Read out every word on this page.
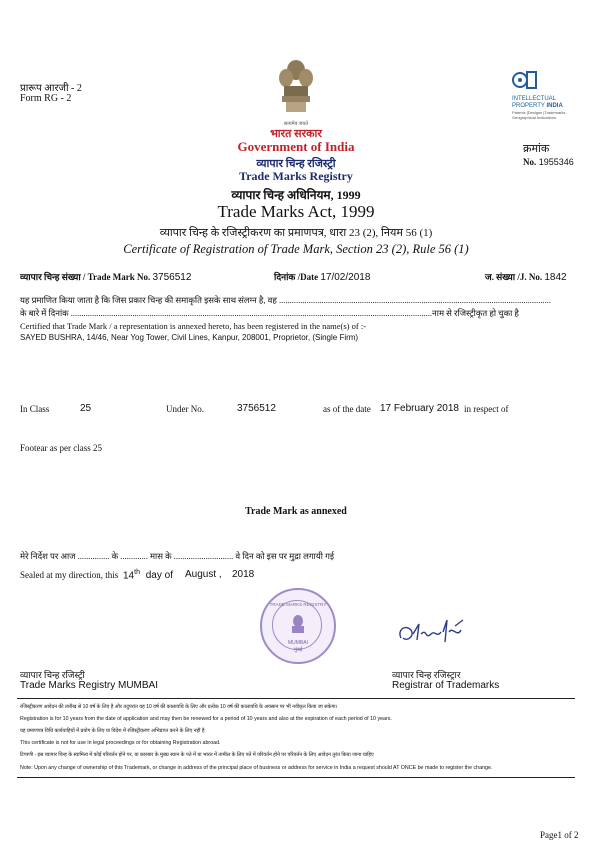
प्रारूप आरजी - 2
Form RG - 2
सत्यमेव जयते
INTELLECTUAL
PROPERTY INDIA
Patents |Designs |Trademarks
Geographical Indications
भारत सरकार
Government of India
व्यापार चिन्ह रजिस्ट्री
Trade Marks Registry
व्यापार चिन्ह अधिनियम, 1999
Trade Marks Act, 1999
व्यापार चिन्ह के रजिस्ट्रीकरण का प्रमाणपत्र, धारा 23 (2), नियम 56 (1)
Certificate of Registration of Trade Mark, Section 23 (2), Rule 56 (1)
क्रमांक
No. 1955346
व्यापार चिन्ह संख्या / Trade Mark No. 3756512	दिनांक /Date 17/02/2018	ज. संख्या /J. No. 1842
यह प्रमाणित किया जाता है कि जिस प्रकार चिन्ह की समाकृति इसके साथ संलग्न है, वह ................................................................................................................................
के बारे में दिनांक ..........................................................................................................................................................................नाम से रजिस्ट्रीकृत हो चुका है
Certified that Trade Mark / a representation is annexed hereto, has been registered in the name(s) of :-
SAYED BUSHRA, 14/46, Near Yog Tower, Civil Lines, Kanpur, 208001, Proprietor, (Single Firm)
In Class	25	Under No.	3756512	as of the date 17 February 2018 in respect of
Footear as per class 25
Trade Mark as annexed
मेरे निर्देश पर आज ............... के ............. मास के ............................ वे दिन को इस पर मुद्रा लगायी गई
Sealed at my direction, this 14th day of August , 2018
TRADE MARKS REGISTRY
MUMBAI
मुंबई
व्यापार चिन्ह रजिस्ट्री
Trade Marks Registry MUMBAI
व्यापार चिन्ह रजिस्ट्रार
Registrar of Trademarks
रजिस्ट्रीकरण आवेदन की तारीख से 10 वर्ष के लिए है और तदुपरांत यह 10 वर्ष की कालावधि के लिए और प्रत्येक 10 वर्ष की कालावधि के अवसान पर भी नवीकृत किया जा सकेगा।
Registration is for 10 years from the date of application and may then be renewed for a period of 10 years and also at the expiration of each period of 10 years.
यह प्रमाणपत्र विधि कार्यवाहियों में प्रयोग के लिए या विदेश में रजिस्ट्रीकरण अभिप्राप्त करने के लिए नहीं है
This certificate is not for use in legal proceedings or for obtaining Registration abroad.
टिप्पणी - इस व्यापार चिन्ह के स्वामित्व में कोई परिवर्तन होने पर, या कारबार के मुख्य स्थान के पते में या भारत में तामील के लिए पते में परिवर्तन होने पर परिवर्तन के लिए आवेदन तुरंत किया जाना चाहिए
Note: Upon any change of ownership of this Trademark, or change in address of the principal place of business or address for service in India a request should AT ONCE be made to register the change.
Page1 of 2
